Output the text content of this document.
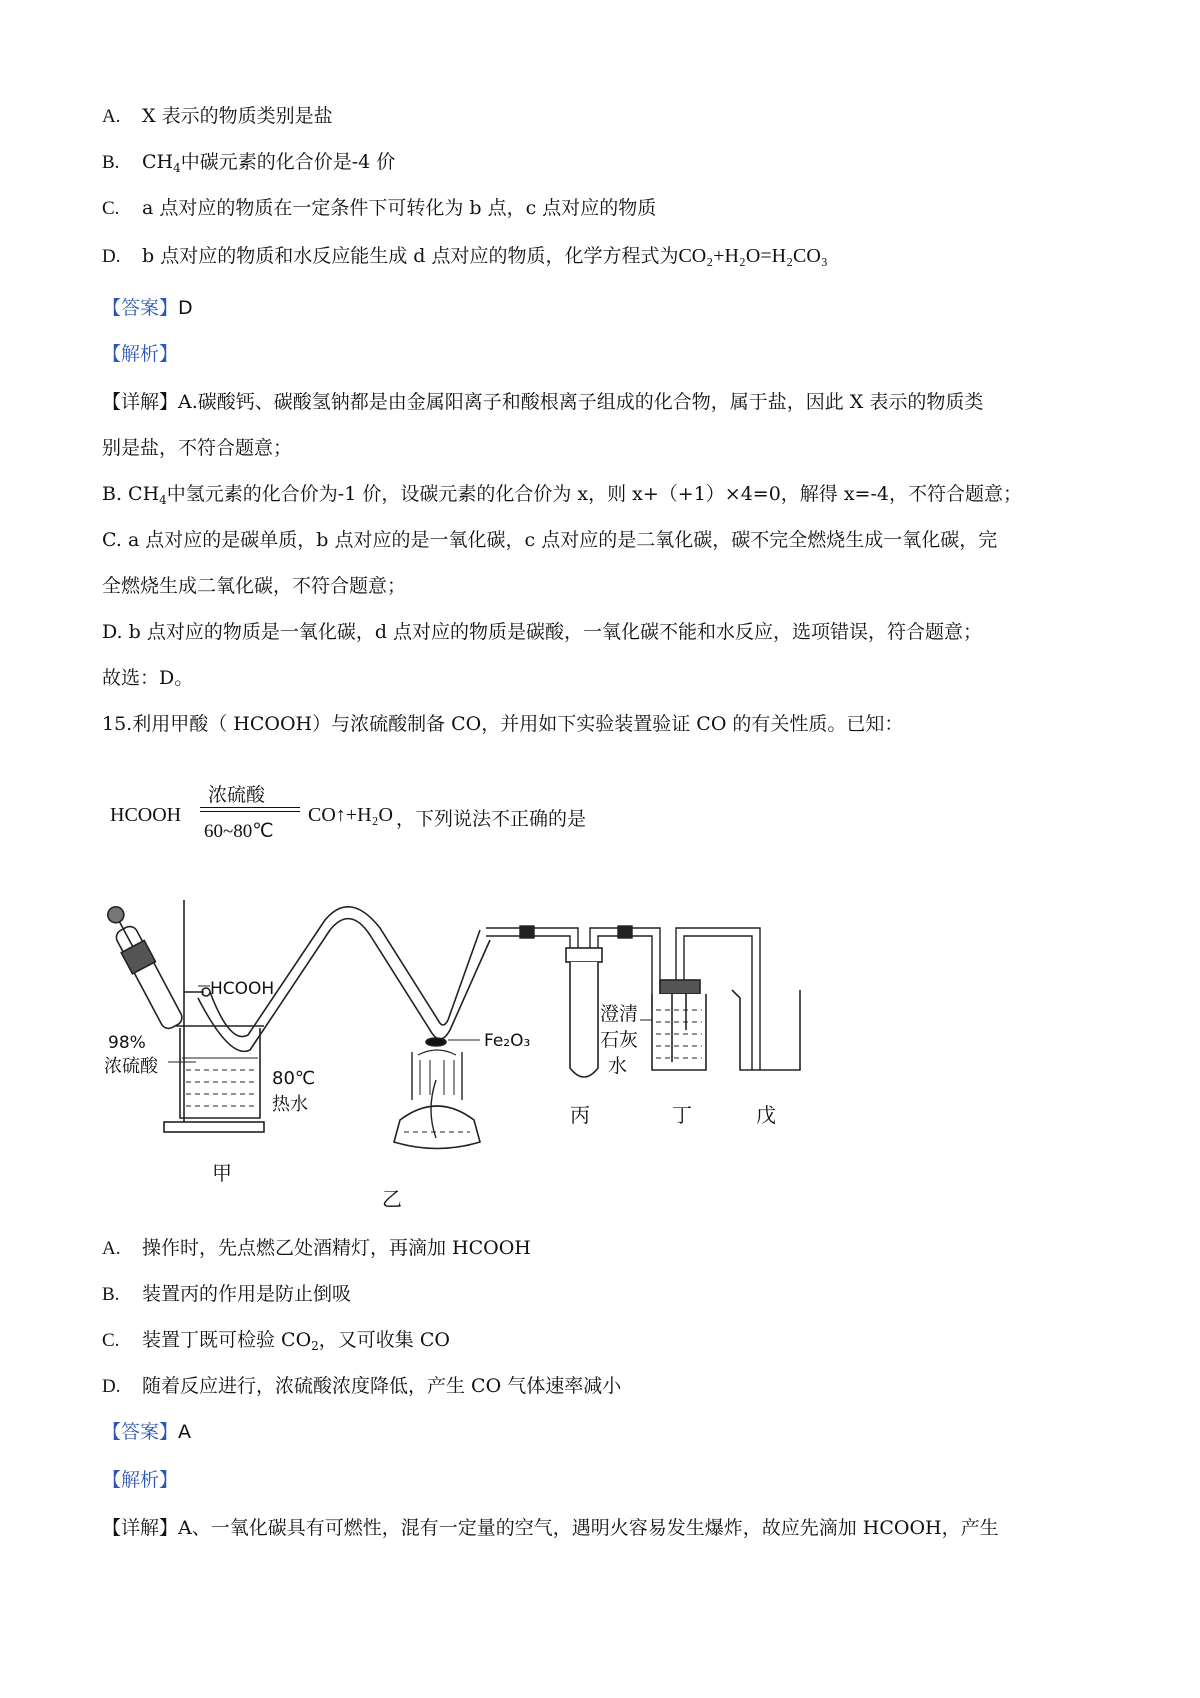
A. X 表示的物质类别是盐
B. $CH_4$中碳元素的化合价是-4 价
C. a 点对应的物质在一定条件下可转化为 b 点，c 点对应的物质
D. b 点对应的物质和水反应能生成 d 点对应的物质，化学方程式为CO₂+H₂O=H₂CO₃
【答案】D
【解析】
【详解】A.碳酸钙、碳酸氢钠都是由金属阳离子和酸根离子组成的化合物，属于盐，因此 X 表示的物质类
别是盐，不符合题意；
B. $CH_4$中氢元素的化合价为-1 价，设碳元素的化合价为 x，则 x+（+1）×4=0，解得 x=-4，不符合题意；
C. a 点对应的是碳单质，b 点对应的是一氧化碳，c 点对应的是二氧化碳，碳不完全燃烧生成一氧化碳，完
全燃烧生成二氧化碳，不符合题意；
D. b 点对应的物质是一氧化碳，d 点对应的物质是碳酸，一氧化碳不能和水反应，选项错误，符合题意；
故选：D。
15.利用甲酸（ HCOOH）与浓硫酸制备 CO，并用如下实验装置验证 CO 的有关性质。已知：
HCOOH
浓硫酸
60~80℃
CO↑+H₂O ，下列说法不正确的是
HCOOH
98%
浓硫酸
80℃
热水
Fe₂O₃
澄清
石灰
水
甲
乙
丙	丁	戊
A. 操作时，先点燃乙处酒精灯，再滴加 HCOOH
B. 装置丙的作用是防止倒吸
C. 装置丁既可检验 $CO_2$，又可收集 CO
D. 随着反应进行，浓硫酸浓度降低，产生 CO 气体速率减小
【答案】A
【解析】
【详解】A、一氧化碳具有可燃性，混有一定量的空气，遇明火容易发生爆炸，故应先滴加 HCOOH，产生
